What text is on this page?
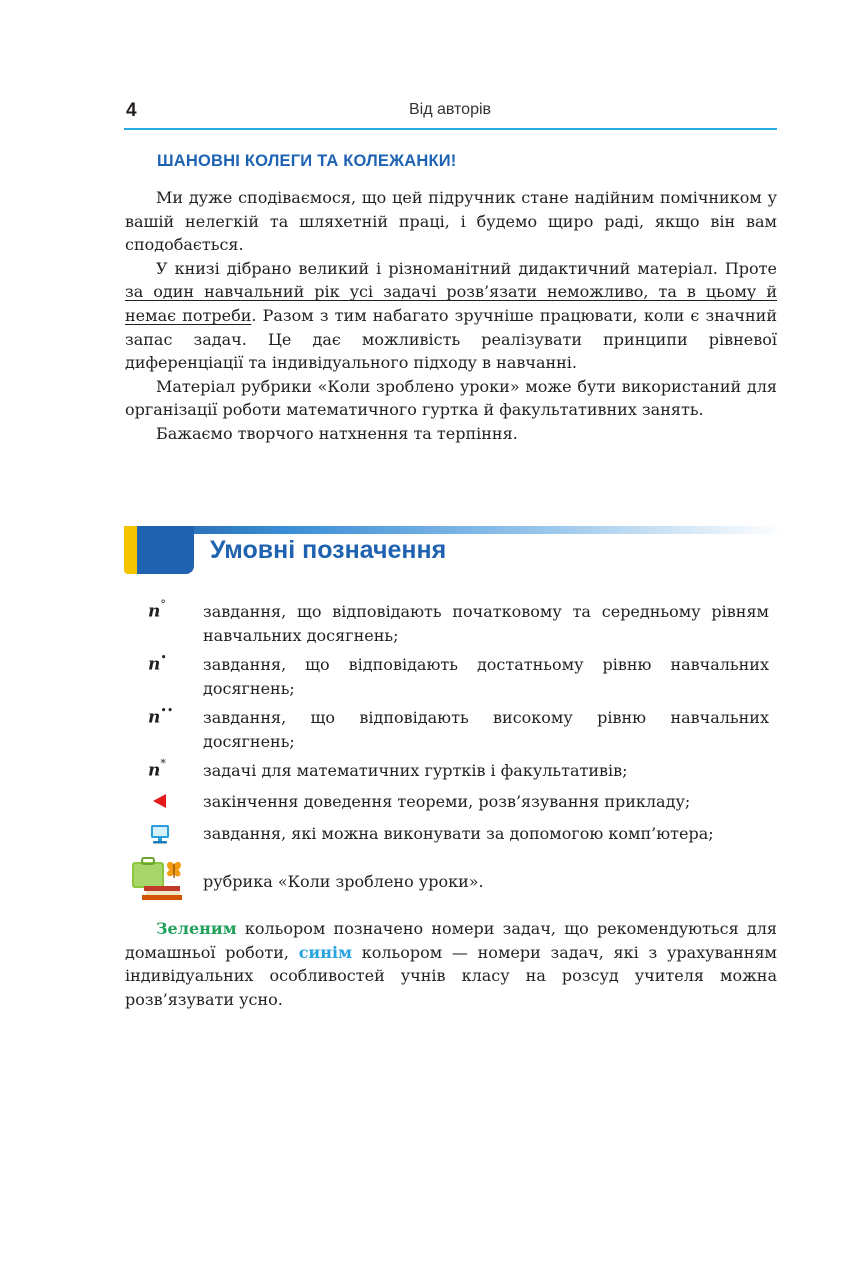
4	Від авторів
ШАНОВНІ КОЛЕГИ ТА КОЛЕЖАНКИ!

Ми дуже сподіваємося, що цей підручник стане надійним помічником у вашій нелегкій та шляхетній праці, і будемо щиро раді, якщо він вам сподобається.

У книзі дібрано великий і різноманітний дидактичний матеріал. Проте за один навчальний рік усі задачі розв’язати неможливо, та в цьому й немає потреби. Разом з тим набагато зручніше працювати, коли є значний запас задач. Це дає можливість реалізувати принципи рівневої диференціації та індивідуального підходу в навчанні.

Матеріал рубрики «Коли зроблено уроки» може бути використаний для організації роботи математичного гуртка й факультативних занять.

Бажаємо творчого натхнення та терпіння.

Умовні позначення
n° завдання, що відповідають початковому та середньому рівням навчальних досягнень;
n• завдання, що відповідають достатньому рівню навчальних досягнень;
n•• завдання, що відповідають високому рівню навчальних досягнень;
n* задачі для математичних гуртків і факультативів;
закінчення доведення теореми, розв’язування прикладу;
завдання, які можна виконувати за допомогою комп’ютера;
рубрика «Коли зроблено уроки».

Зеленим кольором позначено номери задач, що рекомендуються для домашньої роботи, синім кольором — номери задач, які з урахуванням індивідуальних особливостей учнів класу на розсуд учителя можна розв’язувати усно.
